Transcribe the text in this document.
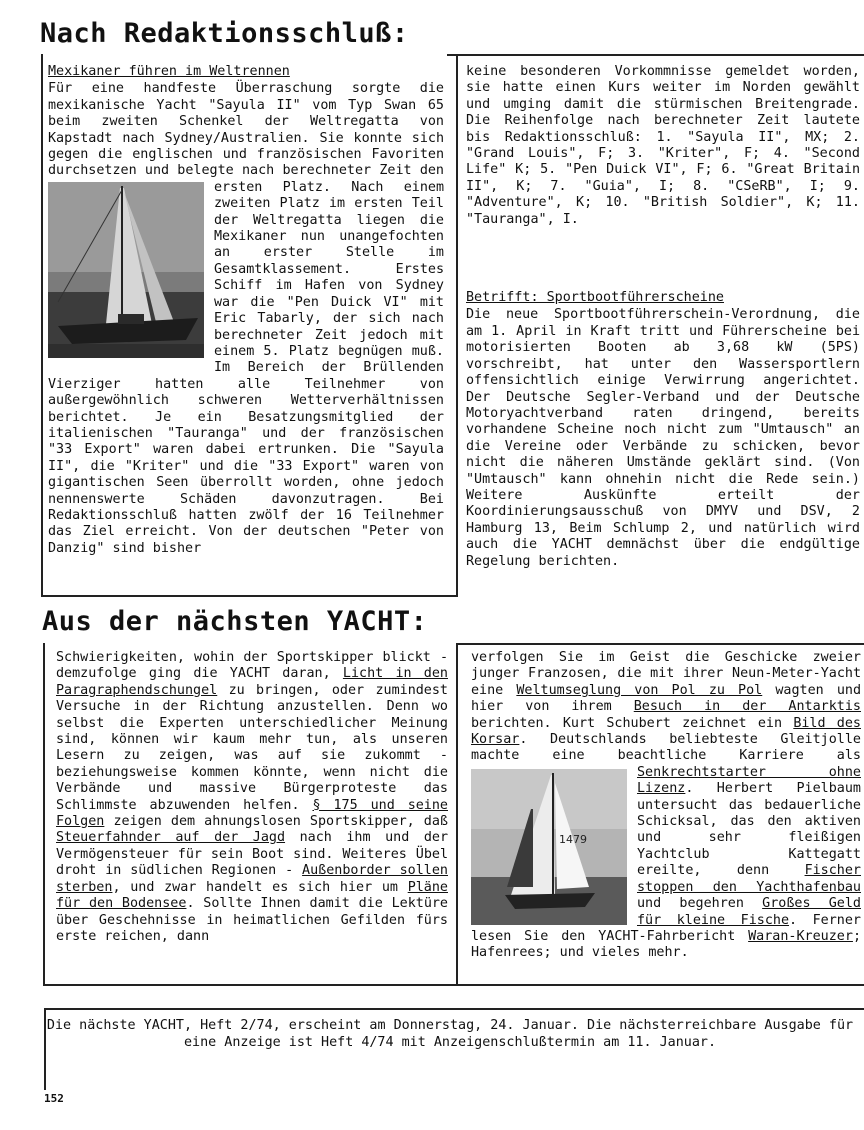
Nach Redaktionsschluß:
Mexikaner führen im Weltrennen

Für eine handfeste Überraschung sorgte die mexikanische Yacht "Sayula II" vom Typ Swan 65 beim zweiten Schenkel der Weltregatta von Kapstadt nach Sydney/Australien. Sie konnte sich gegen die englischen und französischen Favoriten durchsetzen und belegte nach berechneter Zeit den ersten Platz. Nach einem zweiten Platz im ersten Teil der Weltregatta liegen die Mexikaner nun unangefochten an erster Stelle im Gesamtklassement. Erstes Schiff im Hafen von Sydney war die "Pen Duick VI" mit Eric Tabarly, der sich nach berechneter Zeit jedoch mit einem 5. Platz begnügen muß. Im Bereich der Brüllenden Vierziger hatten alle Teilnehmer von außergewöhnlich schweren Wetterverhältnissen berichtet. Je ein Besatzungsmitglied der italienischen "Tauranga" und der französischen "33 Export" waren dabei ertrunken. Die "Sayula II", die "Kriter" und die "33 Export" waren von gigantischen Seen überrollt worden, ohne jedoch nennenswerte Schäden davonzutragen. Bei Redaktionsschluß hatten zwölf der 16 Teilnehmer das Ziel erreicht. Von der deutschen "Peter von Danzig" sind bisher

keine besonderen Vorkommnisse gemeldet worden, sie hatte einen Kurs weiter im Norden gewählt und umging damit die stürmischen Breitengrade. Die Reihenfolge nach berechneter Zeit lautete bis Redaktionsschluß: 1. "Sayula II", MX; 2. "Grand Louis", F; 3. "Kriter", F; 4. "Second Life" K; 5. "Pen Duick VI", F; 6. "Great Britain II", K; 7. "Guia", I; 8. "CSeRB", I; 9. "Adventure", K; 10. "British Soldier", K; 11. "Tauranga", I.

Betrifft: Sportbootführerscheine

Die neue Sportbootführerschein-Verordnung, die am 1. April in Kraft tritt und Führerscheine bei motorisierten Booten ab 3,68 kW (5PS) vorschreibt, hat unter den Wassersportlern offensichtlich einige Verwirrung angerichtet. Der Deutsche Segler-Verband und der Deutsche Motoryachtverband raten dringend, bereits vorhandene Scheine noch nicht zum "Umtausch" an die Vereine oder Verbände zu schicken, bevor nicht die näheren Umstände geklärt sind. (Von "Umtausch" kann ohnehin nicht die Rede sein.) Weitere Auskünfte erteilt der Koordinierungsausschuß von DMYV und DSV, 2 Hamburg 13, Beim Schlump 2, und natürlich wird auch die YACHT demnächst über die endgültige Regelung berichten.

Aus der nächsten YACHT:

Schwierigkeiten, wohin der Sportskipper blickt - demzufolge ging die YACHT daran, Licht in den Paragraphendschungel zu bringen, oder zumindest Versuche in der Richtung anzustellen. Denn wo selbst die Experten unterschiedlicher Meinung sind, können wir kaum mehr tun, als unseren Lesern zu zeigen, was auf sie zukommt - beziehungsweise kommen könnte, wenn nicht die Verbände und massive Bürgerproteste das Schlimmste abzuwenden helfen. § 175 und seine Folgen zeigen dem ahnungslosen Sportskipper, daß Steuerfahnder auf der Jagd nach ihm und der Vermögensteuer für sein Boot sind. Weiteres Übel droht in südlichen Regionen - Außenborder sollen sterben, und zwar handelt es sich hier um Pläne für den Bodensee. Sollte Ihnen damit die Lektüre über Geschehnisse in heimatlichen Gefilden fürs erste reichen, dann

verfolgen Sie im Geist die Geschicke zweier junger Franzosen, die mit ihrer Neun-Meter-Yacht eine Weltumseglung von Pol zu Pol wagten und hier von ihrem Besuch in der Antarktis berichten. Kurt Schubert zeichnet ein Bild des Korsar. Deutschlands beliebteste Gleitjolle machte eine beachtliche Karriere als
1479
Senkrechtstarter ohne Lizenz. Herbert Pielbaum untersucht das bedauerliche Schicksal, das den aktiven und sehr fleißigen Yachtclub Kattegatt ereilte, denn Fischer stoppen den Yachthafenbau und begehren Großes Geld für kleine Fische. Ferner lesen Sie den YACHT-Fahrbericht Waran-Kreuzer; Hafenrees; und vieles mehr.

Die nächste YACHT, Heft 2/74, erscheint am Donnerstag, 24. Januar. Die nächsterreichbare Ausgabe für eine Anzeige ist Heft 4/74 mit Anzeigenschlußtermin am 11. Januar.
152
